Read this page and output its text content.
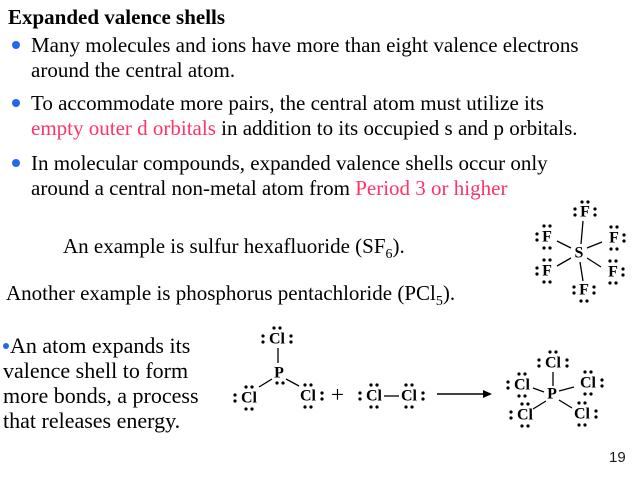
Expanded valence shells
Many molecules and ions have more than eight valence electrons
around the central atom.
To accommodate more pairs, the central atom must utilize its
empty outer d orbitals in addition to its occupied s and p orbitals.
In molecular compounds, expanded valence shells occur only
around a central non-metal atom from Period 3 or higher
An example is sulfur hexafluoride $(SF_6)$.
Another example is phosphorus pentachloride (PCl$_5$).
An atom expands its
valence shell to form
more bonds, a process
that releases energy.
F
F	F
S
F	F
F
Cl
P
Cl	Cl + Cl Cl →
Cl
Cl	Cl
P
Cl	Cl
19
